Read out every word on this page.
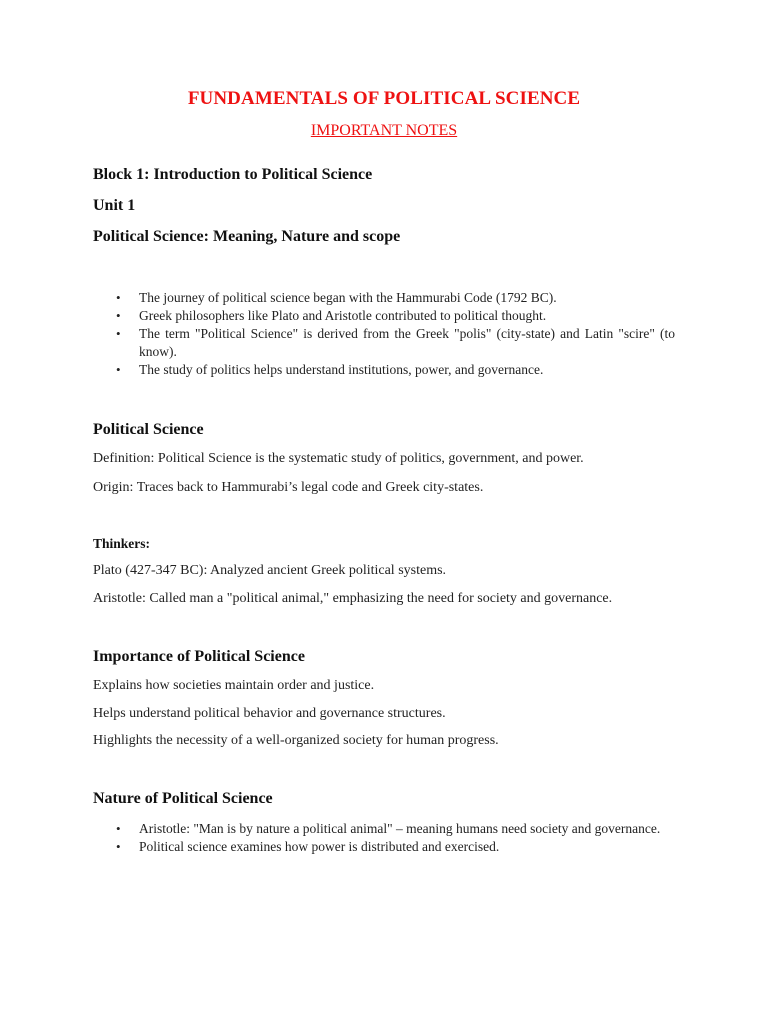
FUNDAMENTALS OF POLITICAL SCIENCE
IMPORTANT NOTES
Block 1: Introduction to Political Science
Unit 1
Political Science: Meaning, Nature and scope
• The journey of political science began with the Hammurabi Code (1792 BC).
• Greek philosophers like Plato and Aristotle contributed to political thought.
• The term "Political Science" is derived from the Greek "polis" (city-state) and Latin "scire" (to know).
• The study of politics helps understand institutions, power, and governance.
Political Science
Definition: Political Science is the systematic study of politics, government, and power.
Origin: Traces back to Hammurabi’s legal code and Greek city-states.
Thinkers:
Plato (427-347 BC): Analyzed ancient Greek political systems.
Aristotle: Called man a "political animal," emphasizing the need for society and governance.
Importance of Political Science
Explains how societies maintain order and justice.
Helps understand political behavior and governance structures.
Highlights the necessity of a well-organized society for human progress.
Nature of Political Science
• Aristotle: "Man is by nature a political animal" – meaning humans need society and governance.
• Political science examines how power is distributed and exercised.
